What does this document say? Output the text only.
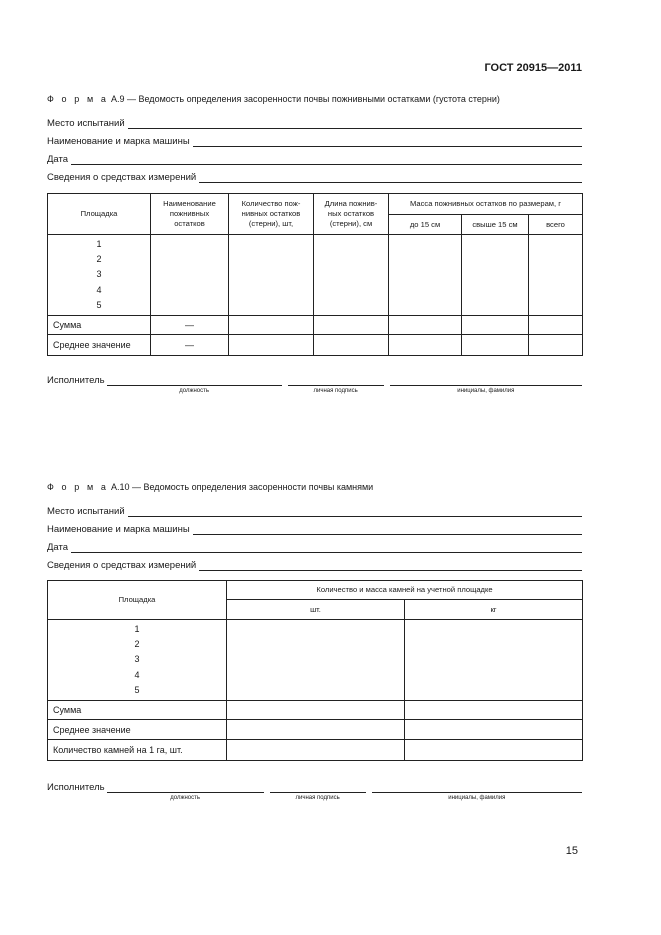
ГОСТ 20915—2011
Ф о р м а А.9 — Ведомость определения засоренности почвы пожнивными остатками (густота стерни)
Место испытаний
Наименование и марка машины
Дата
Сведения о средствах измерений
Площадка	Наименование пожнивных остатков	Количество пож-нивных остатков (стерни), шт,	Длина пожнив-ных остатков (стерни), см	Масса пожнивных остатков по размерам, г		
				до 15 см	свыше 15 см	всего

1
2
3
4
5						

Сумма	—					
Среднее значение	—					
Исполнитель
должность	личная подпись	инициалы, фамилия
Ф о р м а А.10 — Ведомость определения засоренности почвы камнями
Место испытаний
Наименование и марка машины
Дата
Сведения о средствах измерений
Площадка	Количество и масса камней на учетной площадке	
	шт.	кг

1
2
3
4
5		

Сумма		
Среднее значение		
Количество камней на 1 га, шт.		
Исполнитель
должность	личная подпись	инициалы, фамилия
15
